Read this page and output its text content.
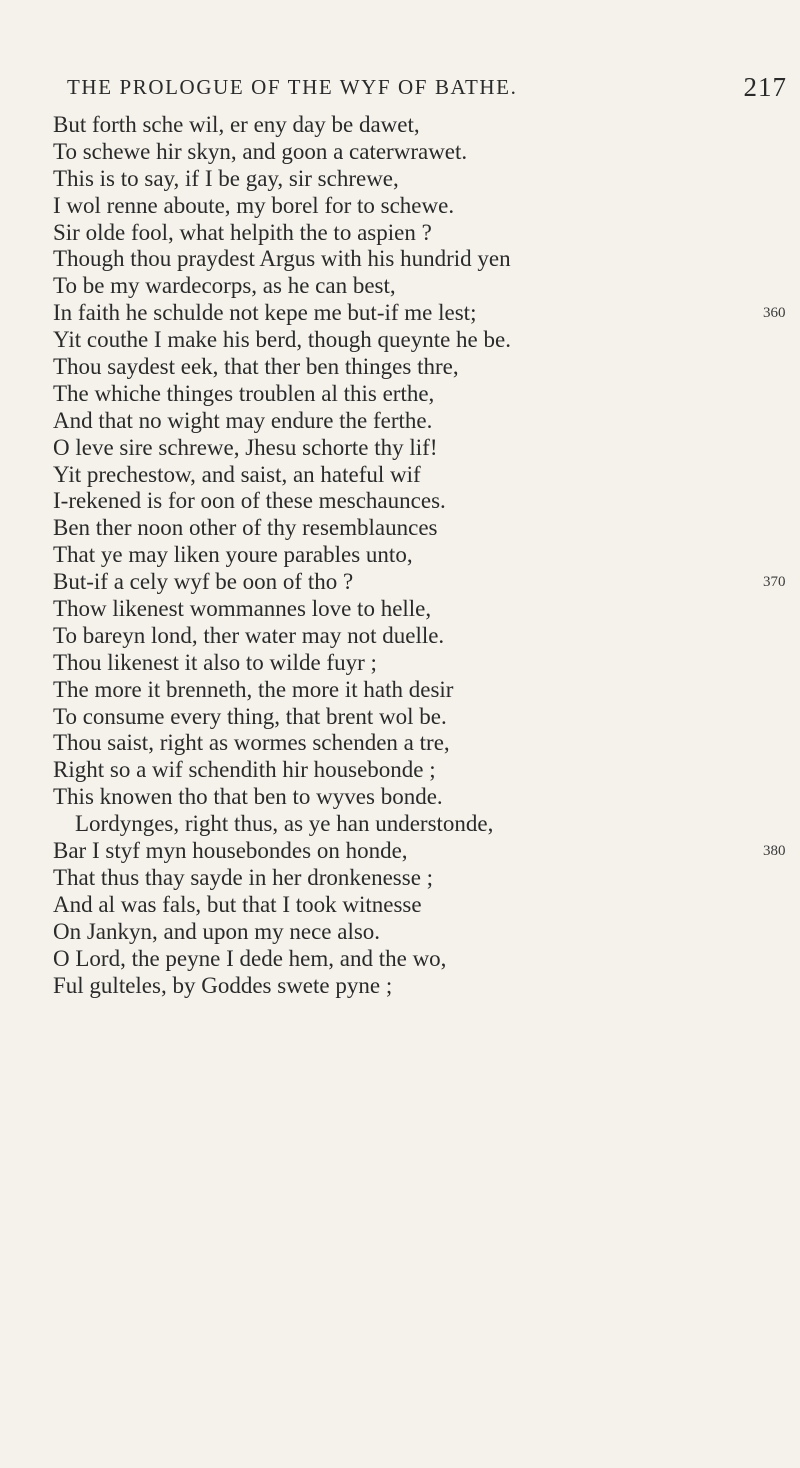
THE PROLOGUE OF THE WYF OF BATHE.	217
But forth sche wil, er eny day be dawet,
To schewe hir skyn, and goon a caterwrawet.
This is to say, if I be gay, sir schrewe,
I wol renne aboute, my borel for to schewe.
Sir olde fool, what helpith the to aspien ?
Though thou praydest Argus with his hundrid yen
To be my wardecorps, as he can best,
In faith he schulde not kepe me but-if me lest;	360
Yit couthe I make his berd, though queynte he be.
Thou saydest eek, that ther ben thinges thre,
The whiche thinges troublen al this erthe,
And that no wight may endure the ferthe.
O leve sire schrewe, Jhesu schorte thy lif!
Yit prechestow, and saist, an hateful wif
I-rekened is for oon of these meschaunces.
Ben ther noon other of thy resemblaunces
That ye may liken youre parables unto,
But-if a cely wyf be oon of tho ?	370
Thow likenest wommannes love to helle,
To bareyn lond, ther water may not duelle.
Thou likenest it also to wilde fuyr ;
The more it brenneth, the more it hath desir
To consume every thing, that brent wol be.
Thou saist, right as wormes schenden a tre,
Right so a wif schendith hir housebonde ;
This knowen tho that ben to wyves bonde.
Lordynges, right thus, as ye han understonde,
Bar I styf myn housebondes on honde,	380
That thus thay sayde in her dronkenesse ;
And al was fals, but that I took witnesse
On Jankyn, and upon my nece also.
O Lord, the peyne I dede hem, and the wo,
Ful gulteles, by Goddes swete pyne ;
